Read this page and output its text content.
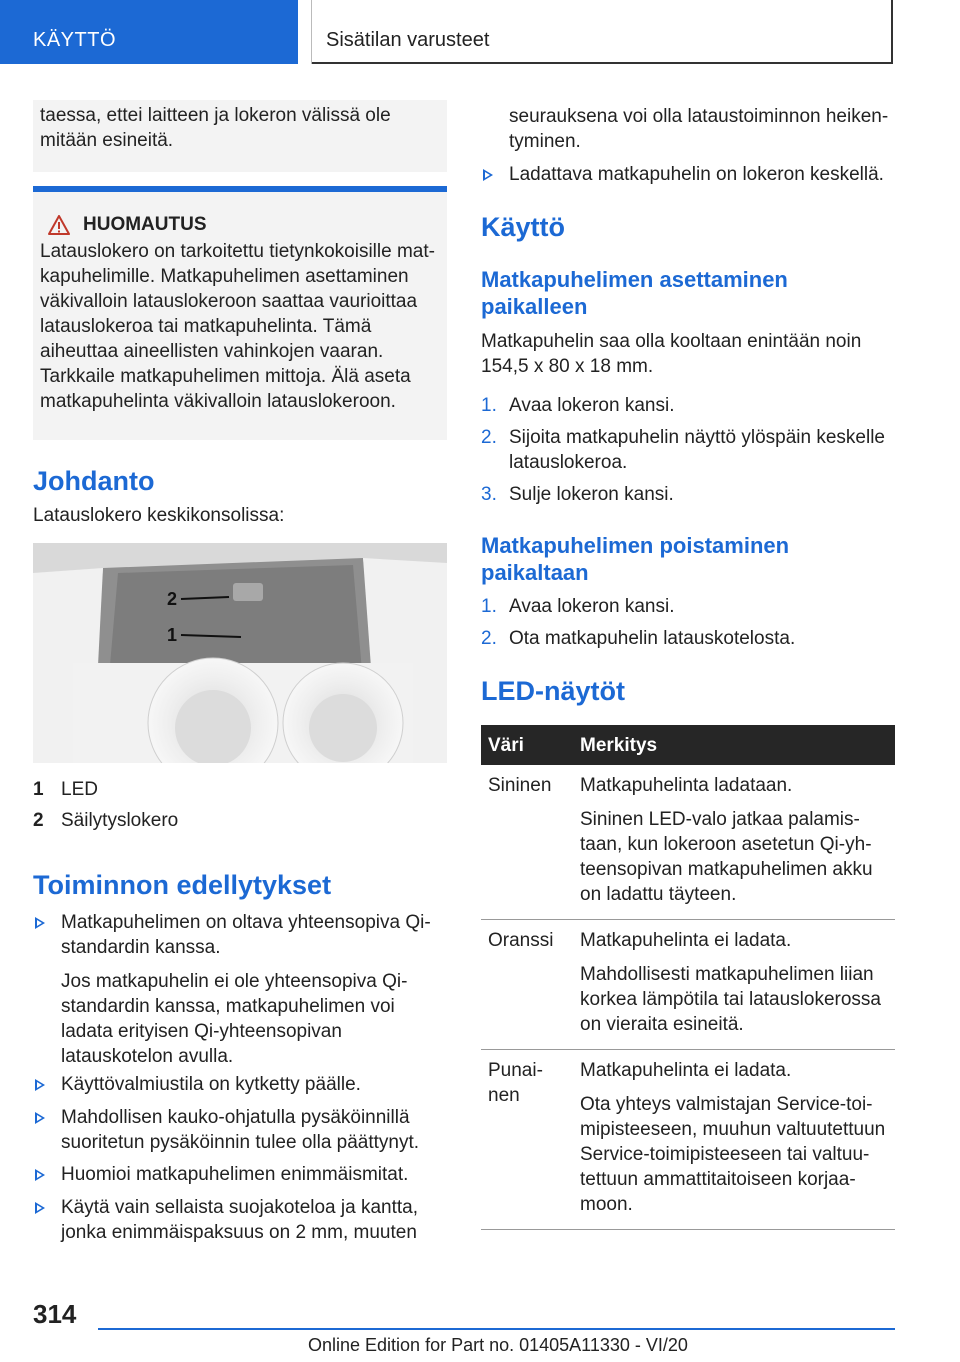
KÄYTTÖ	Sisätilan varusteet

taessa, ettei laitteen ja lokeron välissä ole mitään esineitä.

HUOMAUTUS

Latauslokero on tarkoitettu tietynkokoisille matkapuhelimille. Matkapuhelimen asettaminen väkivalloin latauslokeroon saattaa vaurioittaa latauslokeroa tai matkapuhelinta. Tämä aiheuttaa aineellisten vahinkojen vaaran. Tarkkaile matkapuhelimen mittoja. Älä aseta matkapuhelinta väkivalloin latauslokeroon.

Johdanto

Latauslokero keskikonsolissa:

2
1
1 LED
2 Säilytyslokero
Toiminnon edellytykset

Matkapuhelimen on oltava yhteensopiva Qi-standardin kanssa.

Jos matkapuhelin ei ole yhteensopiva Qi-standardin kanssa, matkapuhelimen voi ladata erityisen Qi-yhteensopivan latauskotelon avulla.

Käyttövalmiustila on kytketty päälle.

Mahdollisen kauko-ohjatulla pysäköinnillä suoritetun pysäköinnin tulee olla päättynyt.

Huomioi matkapuhelimen enimmäismitat.

Käytä vain sellaista suojakoteloa ja kantta, jonka enimmäispaksuus on 2 mm, muuten

seurauksena voi olla lataustoiminnon heikentyminen.

Ladattava matkapuhelin on lokeron keskellä.

Käyttö
Matkapuhelimen asettaminen paikalleen

Matkapuhelin saa olla kooltaan enintään noin 154,5 x 80 x 18 mm.

1. Avaa lokeron kansi.

2. Sijoita matkapuhelin näyttö ylöspäin keskelle latauslokeroa.

3. Sulje lokeron kansi.

Matkapuhelimen poistaminen paikaltaan
1. Avaa lokeron kansi.

2. Ota matkapuhelin latauskotelosta.

LED-näytöt
Väri	Merkitys
Sininen	Matkapuhelinta ladataan.

Sininen LED-valo jatkaa palamistaan, kun lokeroon asetetun Qi-yhteensopivan matkapuhelimen akku on ladattu täyteen.

Oranssi	Matkapuhelinta ei ladata.

Mahdollisesti matkapuhelimen liian korkea lämpötila tai latauslokerossa on vieraita esineitä.

Punainen	Matkapuhelinta ei ladata.

Ota yhteys valmistajan Service-toimipisteeseen, muuhun valtuutettuun Service-toimipisteeseen tai valtuutettuun ammattitaitoiseen korjaamoon.

314
Online Edition for Part no. 01405A11330 - VI/20
